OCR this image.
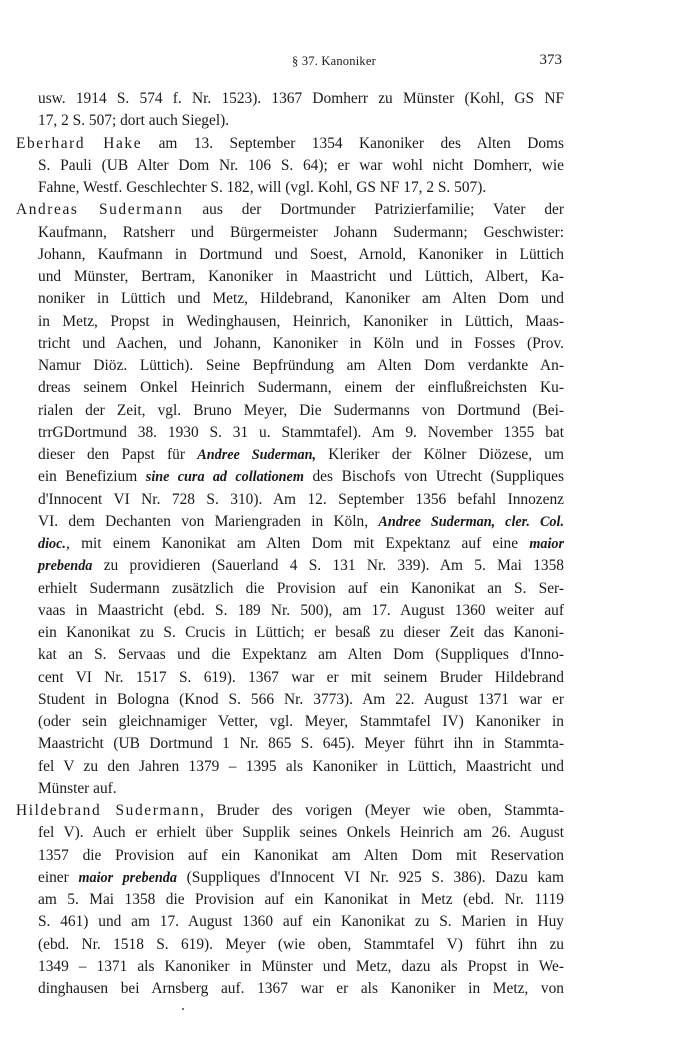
§ 37. Kanoniker	373
usw. 1914 S. 574 f. Nr. 1523). 1367 Domherr zu Münster (Kohl, GS NF
17, 2 S. 507; dort auch Siegel).
Eberhard Hake am 13. September 1354 Kanoniker des Alten Doms
S. Pauli (UB Alter Dom Nr. 106 S. 64); er war wohl nicht Domherr, wie
Fahne, Westf. Geschlechter S. 182, will (vgl. Kohl, GS NF 17, 2 S. 507).
Andreas Sudermann aus der Dortmunder Patrizierfamilie; Vater der
Kaufmann, Ratsherr und Bürgermeister Johann Sudermann; Geschwister:
Johann, Kaufmann in Dortmund und Soest, Arnold, Kanoniker in Lüttich
und Münster, Bertram, Kanoniker in Maastricht und Lüttich, Albert, Ka-
noniker in Lüttich und Metz, Hildebrand, Kanoniker am Alten Dom und
in Metz, Propst in Wedinghausen, Heinrich, Kanoniker in Lüttich, Maas-
tricht und Aachen, und Johann, Kanoniker in Köln und in Fosses (Prov.
Namur Diöz. Lüttich). Seine Bepfründung am Alten Dom verdankte An-
dreas seinem Onkel Heinrich Sudermann, einem der einflußreichsten Ku-
rialen der Zeit, vgl. Bruno Meyer, Die Sudermanns von Dortmund (Bei-
trrGDortmund 38. 1930 S. 31 u. Stammtafel). Am 9. November 1355 bat
dieser den Papst für Andree Suderman, Kleriker der Kölner Diözese, um
ein Benefizium sine cura ad collationem des Bischofs von Utrecht (Suppliques
d'Innocent VI Nr. 728 S. 310). Am 12. September 1356 befahl Innozenz
VI. dem Dechanten von Mariengraden in Köln, Andree Suderman, cler. Col.
dioc., mit einem Kanonikat am Alten Dom mit Expektanz auf eine maior
prebenda zu providieren (Sauerland 4 S. 131 Nr. 339). Am 5. Mai 1358
erhielt Sudermann zusätzlich die Provision auf ein Kanonikat an S. Ser-
vaas in Maastricht (ebd. S. 189 Nr. 500), am 17. August 1360 weiter auf
ein Kanonikat zu S. Crucis in Lüttich; er besaß zu dieser Zeit das Kanoni-
kat an S. Servaas und die Expektanz am Alten Dom (Suppliques d'Inno-
cent VI Nr. 1517 S. 619). 1367 war er mit seinem Bruder Hildebrand
Student in Bologna (Knod S. 566 Nr. 3773). Am 22. August 1371 war er
(oder sein gleichnamiger Vetter, vgl. Meyer, Stammtafel IV) Kanoniker in
Maastricht (UB Dortmund 1 Nr. 865 S. 645). Meyer führt ihn in Stammta-
fel V zu den Jahren 1379 – 1395 als Kanoniker in Lüttich, Maastricht und
Münster auf.
Hildebrand Sudermann, Bruder des vorigen (Meyer wie oben, Stammta-
fel V). Auch er erhielt über Supplik seines Onkels Heinrich am 26. August
1357 die Provision auf ein Kanonikat am Alten Dom mit Reservation
einer maior prebenda (Suppliques d'Innocent VI Nr. 925 S. 386). Dazu kam
am 5. Mai 1358 die Provision auf ein Kanonikat in Metz (ebd. Nr. 1119
S. 461) und am 17. August 1360 auf ein Kanonikat zu S. Marien in Huy
(ebd. Nr. 1518 S. 619). Meyer (wie oben, Stammtafel V) führt ihn zu
1349 – 1371 als Kanoniker in Münster und Metz, dazu als Propst in We-
dinghausen bei Arnsberg auf. 1367 war er als Kanoniker in Metz, von
